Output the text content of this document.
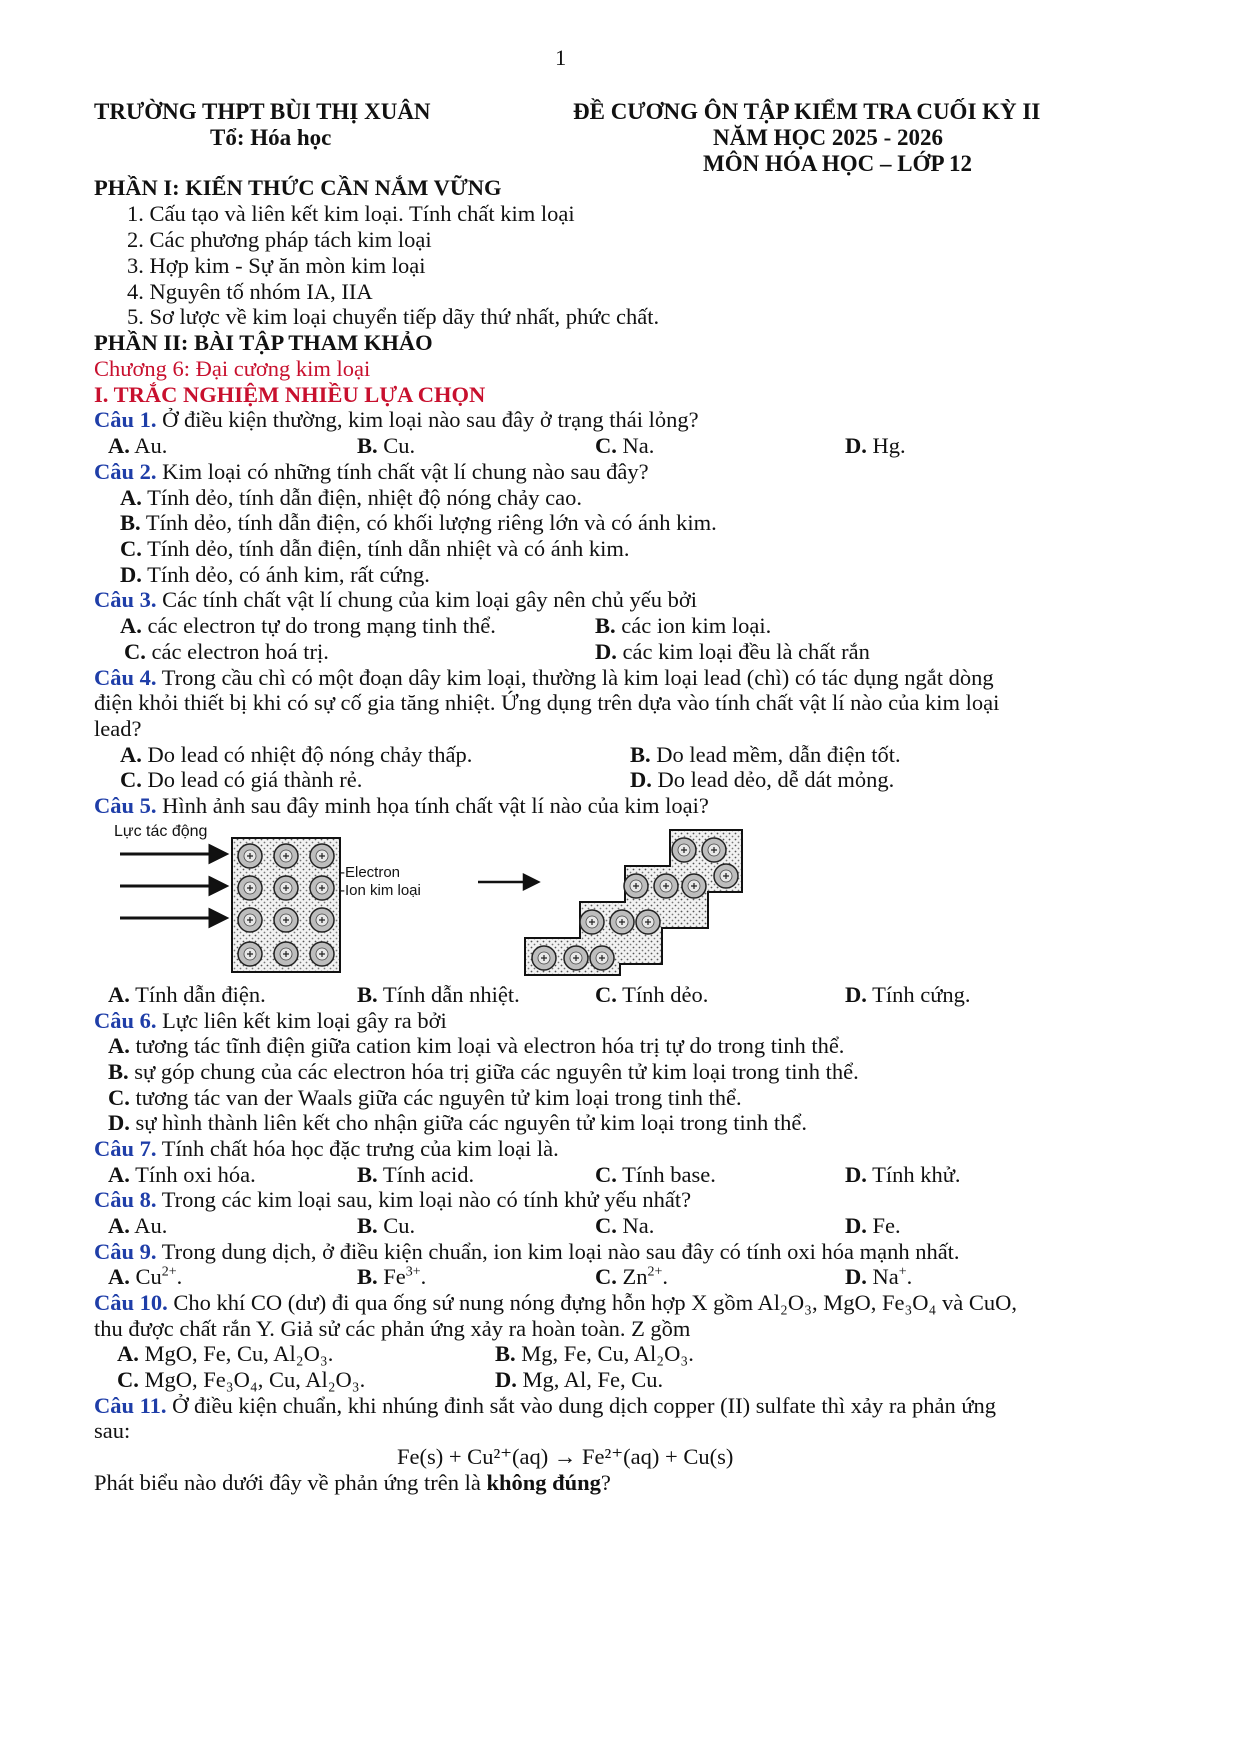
1
TRƯỜNG THPT BÙI THỊ XUÂN
Tổ: Hóa học
ĐỀ CƯƠNG ÔN TẬP KIỂM TRA CUỐI KỲ II
NĂM HỌC 2025 - 2026
MÔN HÓA HỌC – LỚP 12
PHẦN I: KIẾN THỨC CẦN NẮM VỮNG
1. Cấu tạo và liên kết kim loại. Tính chất kim loại
2. Các phương pháp tách kim loại
3. Hợp kim - Sự ăn mòn kim loại
4. Nguyên tố nhóm IA, IIA
5. Sơ lược về kim loại chuyển tiếp dãy thứ nhất, phức chất.
PHẦN II: BÀI TẬP THAM KHẢO
Chương 6: Đại cương kim loại
I. TRẮC NGHIỆM NHIỀU LỰA CHỌN
Câu 1. Ở điều kiện thường, kim loại nào sau đây ở trạng thái lỏng?
A. Au.	B. Cu.	C. Na.	D. Hg.
Câu 2. Kim loại có những tính chất vật lí chung nào sau đây?
A. Tính dẻo, tính dẫn điện, nhiệt độ nóng chảy cao.
B. Tính dẻo, tính dẫn điện, có khối lượng riêng lớn và có ánh kim.
C. Tính dẻo, tính dẫn điện, tính dẫn nhiệt và có ánh kim.
D. Tính dẻo, có ánh kim, rất cứng.
Câu 3. Các tính chất vật lí chung của kim loại gây nên chủ yếu bởi
A. các electron tự do trong mạng tinh thể.	B. các ion kim loại.
C. các electron hoá trị.	D. các kim loại đều là chất rắn
Câu 4. Trong cầu chì có một đoạn dây kim loại, thường là kim loại lead (chì) có tác dụng ngắt dòng
điện khỏi thiết bị khi có sự cố gia tăng nhiệt. Ứng dụng trên dựa vào tính chất vật lí nào của kim loại
lead?
A. Do lead có nhiệt độ nóng chảy thấp.	B. Do lead mềm, dẫn điện tốt.
C. Do lead có giá thành rẻ.	D. Do lead dẻo, dễ dát mỏng.
Câu 5. Hình ảnh sau đây minh họa tính chất vật lí nào của kim loại?
Lực tác động
-Electron
-Ion kim loại
A. Tính dẫn điện.	B. Tính dẫn nhiệt.	C. Tính dẻo.	D. Tính cứng.
Câu 6. Lực liên kết kim loại gây ra bởi
A. tương tác tĩnh điện giữa cation kim loại và electron hóa trị tự do trong tinh thể.
B. sự góp chung của các electron hóa trị giữa các nguyên tử kim loại trong tinh thể.
C. tương tác van der Waals giữa các nguyên tử kim loại trong tinh thể.
D. sự hình thành liên kết cho nhận giữa các nguyên tử kim loại trong tinh thể.
Câu 7. Tính chất hóa học đặc trưng của kim loại là.
A. Tính oxi hóa.	B. Tính acid.	C. Tính base.	D. Tính khử.
Câu 8. Trong các kim loại sau, kim loại nào có tính khử yếu nhất?
A. Au.	B. Cu.	C. Na.	D. Fe.
Câu 9. Trong dung dịch, ở điều kiện chuẩn, ion kim loại nào sau đây có tính oxi hóa mạnh nhất.
A. $Cu^{2+}$.	B. $Fe^{3+}$.	C. $Zn^{2+}$.	D. Na+.
Câu 10. Cho khí CO (dư) đi qua ống sứ nung nóng đựng hỗn hợp X gồm Al₂O₃, MgO, Fe₃O₄ và CuO,
thu được chất rắn Y. Giả sử các phản ứng xảy ra hoàn toàn. Z gồm
A. MgO, Fe, Cu, Al₂O₃.	B. Mg, Fe, Cu, Al₂O₃.
C. MgO, Fe₃O₄, Cu, Al₂O₃.	D. Mg, Al, Fe, Cu.
Câu 11. Ở điều kiện chuẩn, khi nhúng đinh sắt vào dung dịch copper (II) sulfate thì xảy ra phản ứng
sau:
Fe(s) + Cu²⁺(aq) → Fe²⁺(aq) + Cu(s)
Phát biểu nào dưới đây về phản ứng trên là không đúng?
